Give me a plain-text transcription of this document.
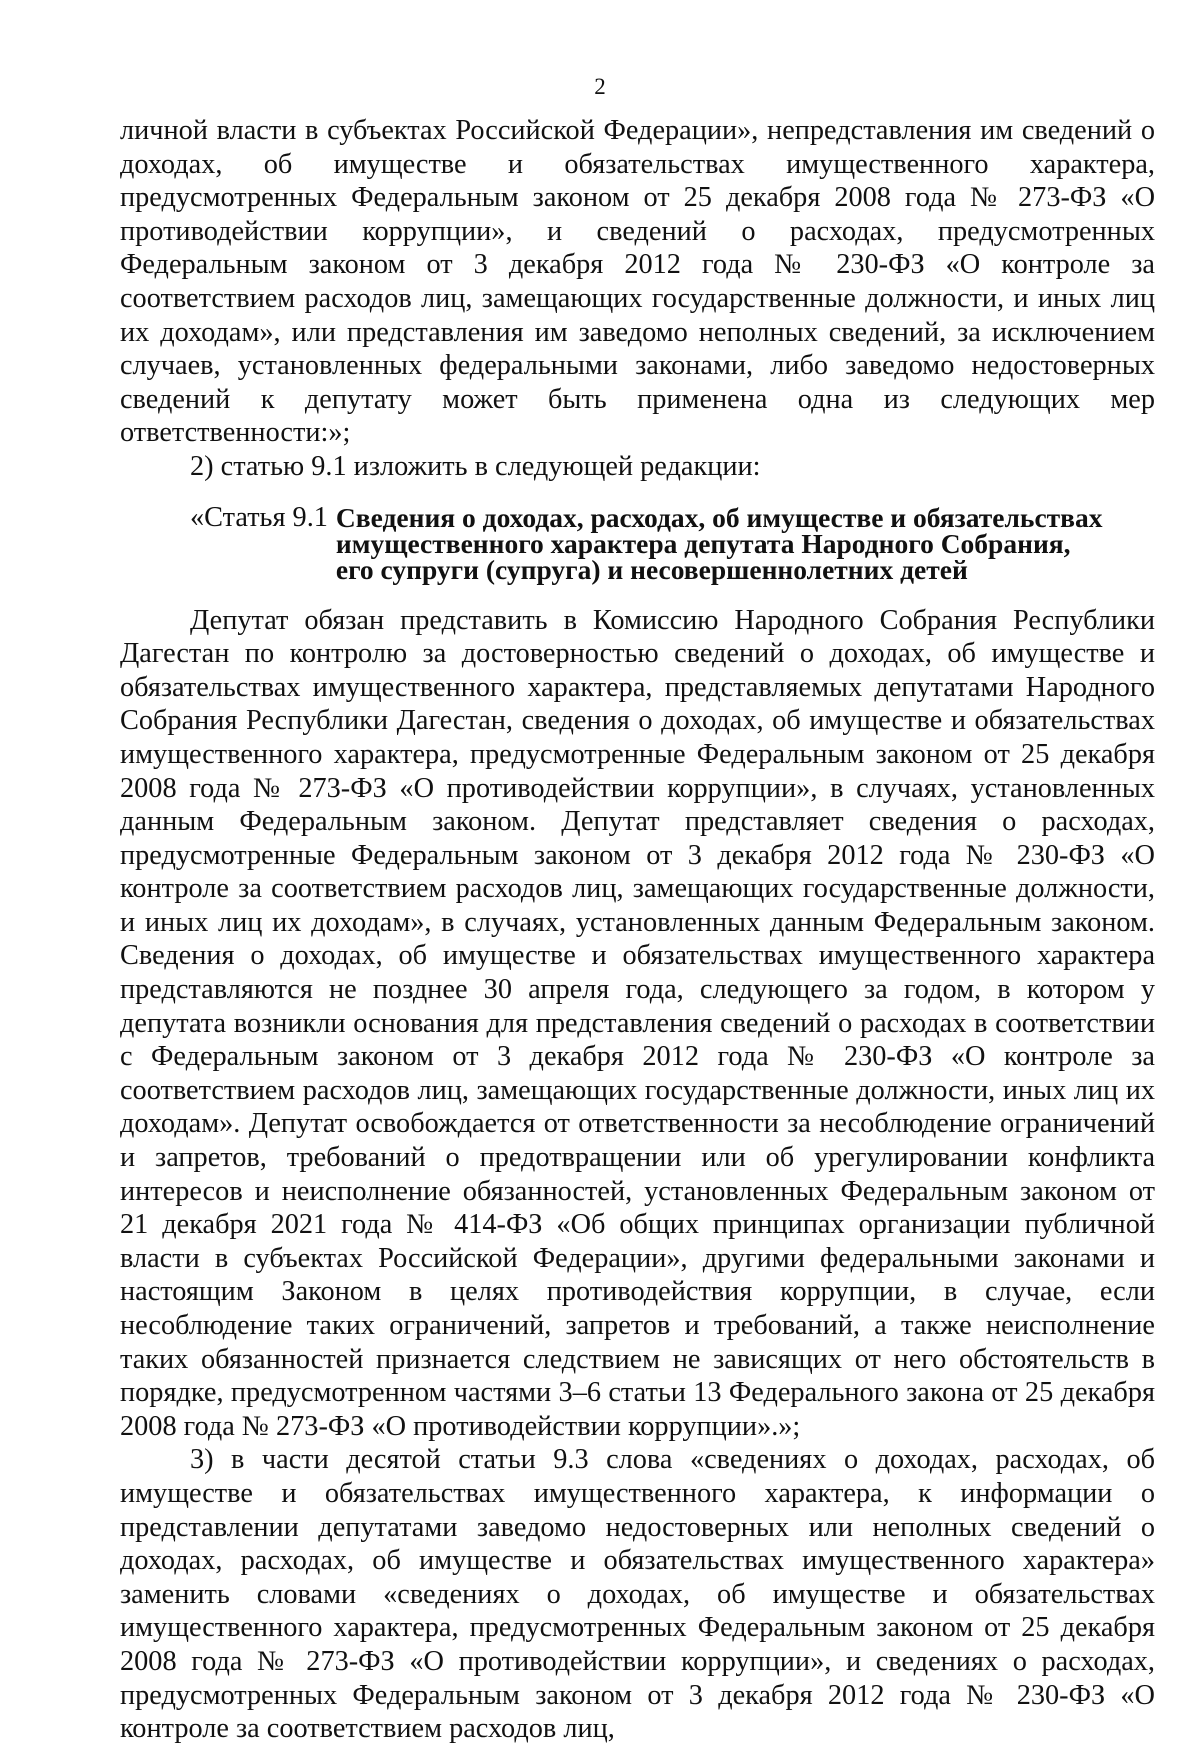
2

личной власти в субъектах Российской Федерации», непредставления им сведений о доходах, об имуществе и обязательствах имущественного характера, предусмотренных Федеральным законом от 25 декабря 2008 года № 273-ФЗ «О противодействии коррупции», и сведений о расходах, предусмотренных Федеральным законом от 3 декабря 2012 года № 230-ФЗ «О контроле за соответствием расходов лиц, замещающих государственные должности, и иных лиц их доходам», или представления им заведомо неполных сведений, за исключением случаев, установленных федеральными законами, либо заведомо недостоверных сведений к депутату может быть применена одна из следующих мер ответственности:»;

2) статью 9.1 изложить в следующей редакции:

«Статья 9.1 Сведения о доходах, расходах, об имуществе и обязательствах
имущественного характера депутата Народного Собрания,
его супруги (супруга) и несовершеннолетних детей

Депутат обязан представить в Комиссию Народного Собрания Республики Дагестан по контролю за достоверностью сведений о доходах, об имуществе и обязательствах имущественного характера, представляемых депутатами Народного Собрания Республики Дагестан, сведения о доходах, об имуществе и обязательствах имущественного характера, предусмотренные Федеральным законом от 25 декабря 2008 года № 273-ФЗ «О противодействии коррупции», в случаях, установленных данным Федеральным законом. Депутат представляет сведения о расходах, предусмотренные Федеральным законом от 3 декабря 2012 года № 230-ФЗ «О контроле за соответствием расходов лиц, замещающих государственные должности, и иных лиц их доходам», в случаях, установленных данным Федеральным законом. Сведения о доходах, об имуществе и обязательствах имущественного характера представляются не позднее 30 апреля года, следующего за годом, в котором у депутата возникли основания для представления сведений о расходах в соответствии с Федеральным законом от 3 декабря 2012 года № 230-ФЗ «О контроле за соответствием расходов лиц, замещающих государственные должности, иных лиц их доходам». Депутат освобождается от ответственности за несоблюдение ограничений и запретов, требований о предотвращении или об урегулировании конфликта интересов и неисполнение обязанностей, установленных Федеральным законом от 21 декабря 2021 года № 414-ФЗ «Об общих принципах организации публичной власти в субъектах Российской Федерации», другими федеральными законами и настоящим Законом в целях противодействия коррупции, в случае, если несоблюдение таких ограничений, запретов и требований, а также неисполнение таких обязанностей признается следствием не зависящих от него обстоятельств в порядке, предусмотренном частями 3–6 статьи 13 Федерального закона от 25 декабря 2008 года № 273-ФЗ «О противодействии коррупции».»;

3) в части десятой статьи 9.3 слова «сведениях о доходах, расходах, об имуществе и обязательствах имущественного характера, к информации о представлении депутатами заведомо недостоверных или неполных сведений о доходах, расходах, об имуществе и обязательствах имущественного характера» заменить словами «сведениях о доходах, об имуществе и обязательствах имущественного характера, предусмотренных Федеральным законом от 25 декабря 2008 года № 273-ФЗ «О противодействии коррупции», и сведениях о расходах, предусмотренных Федеральным законом от 3 декабря 2012 года № 230-ФЗ «О контроле за соответствием расходов лиц,
